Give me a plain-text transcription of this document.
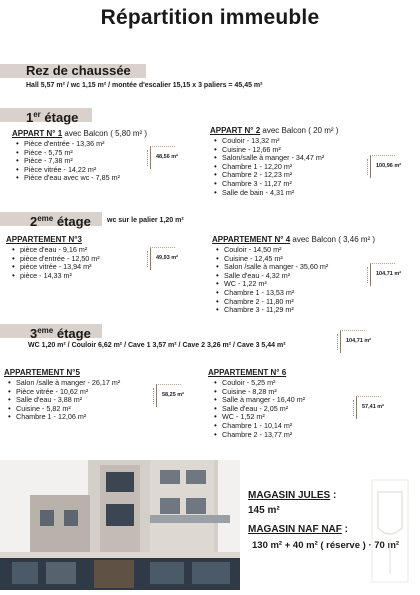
Répartition immeuble
Rez de chaussée
Hall 5,57 m² / wc 1,15 m² / montée d'escalier 15,15 x 3 paliers = 45,45 m²
1er étage
APPART N° 1 avec Balcon ( 5,80 m² )
• Pièce d'entrée - 13,36 m²
• Pièce - 5,75 m²
• Pièce - 7,38 m²
• Pièce vitrée - 14,22 m²
• Pièce d'eau avec wc - 7,85 m²
48,56 m²
APPART N° 2 avec Balcon ( 20 m² )
• Couloir - 13,32 m²
• Cuisine - 12,66 m²
• Salon/salle à manger - 34,47 m²
• Chambre 1 - 12,20 m²
• Chambre 2 - 12,23 m²
• Chambre 3 - 11,27 m²
• Salle de bain - 4,31 m²
100,96 m²
2eme étage wc sur le palier 1,20 m²
APPARTEMENT N°3
• pièce d'eau - 9,16 m²
• pièce d'entrée - 12,50 m²
• pièce vitrée - 13,94 m²
• pièce - 14,33 m²
49,93 m²
APPARTEMENT N° 4 avec Balcon ( 3,46 m² )
• Couloir - 14,50 m²
• Cuisine - 12,45 m²
• Salon /salle à manger - 35,60 m²
• Salle d'eau - 4,32 m²
• WC - 1,22 m²
• Chambre 1 - 13,53 m²
• Chambre 2 - 11,80 m²
• Chambre 3 - 11,29 m²
104,71 m²
3eme étage	104,71 m²
WC 1,20 m² / Couloir 6,62 m² / Cave 1 3,57 m² / Cave 2 3,26 m² / Cave 3 5,44 m²
APPARTEMENT N°5
• Salon /salle à manger - 26,17 m²
• Pièce vitrée - 10,62 m²
• Salle d'eau - 3,88 m²
• Cuisine - 5,82 m²
• Chambre 1 - 12,06 m²
58,25 m²
APPARTEMENT N° 6
• Couloir - 5,25 m²
• Cuisine - 8,28 m²
• Salle à manger - 16,40 m²
• Salle d'eau - 2,05 m²
• WC - 1,52 m²
• Chambre 1 - 10,14 m²
• Chambre 2 - 13,77 m²
57,41 m²
MAGASIN JULES :
145 m²
MAGASIN NAF NAF :
130 m² + 40 m² ( réserve ) · 70 m²
